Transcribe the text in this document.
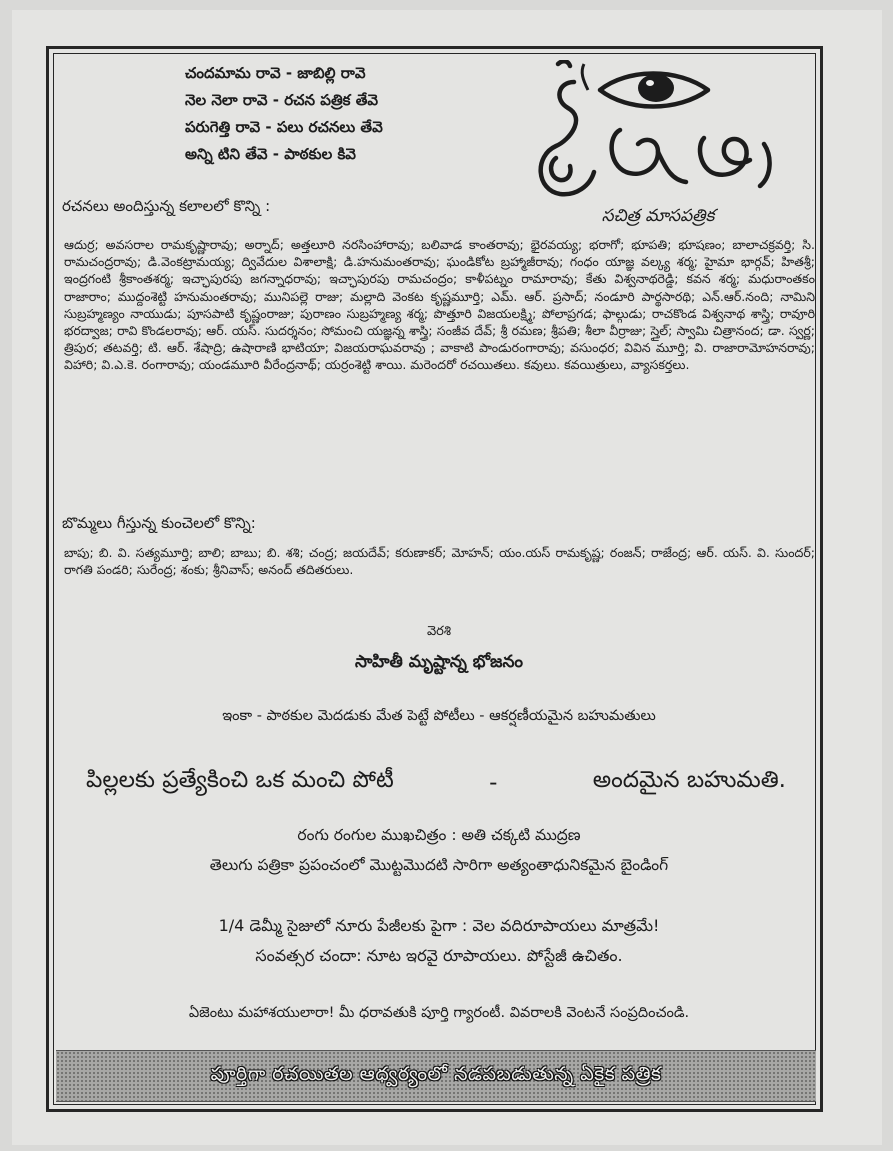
చందమామ రావె - జాబిల్లి రావె
నెల నెలా రావె - రచన పత్రిక తేవె
పరుగెత్తి రావె - పలు రచనలు తేవె
అన్ని టిని తేవె - పాఠకుల కివె
సచిత్ర మాసపత్రిక
రచనలు అందిస్తున్న కలాలలో కొన్ని :
ఆదుర్ర; అవసరాల రామకృష్ణారావు; అర్నాద్; అత్తలూరి నరసింహారావు; బలివాడ కాంతరావు; భైరవయ్య; భరాగో; భూపతి; భూషణం; బాలాచక్రవర్తి; సి. రామచంద్రరావు; డి.వెంకట్రామయ్య; ద్వివేదుల విశాలాక్షి; డి.హనుమంతరావు; ఘండికోట బ్రహ్మాజీరావు; గంధం యాజ్ఞ వల్క్య శర్మ; హైమా భార్గవ్; హితశ్రీ; ఇంద్రగంటి శ్రీకాంతశర్మ; ఇచ్ఛాపురపు జగన్నాధరావు; ఇచ్ఛాపురపు రామచంద్రం; కాళీపట్నం రామారావు; కేతు విశ్వనాథరెడ్డి; కవన శర్మ; మధురాంతకం రాజారాం; ముద్దంశెట్టి హనుమంతరావు; మునిపల్లె రాజు; మల్లాది వెంకట కృష్ణమూర్తి; ఎమ్. ఆర్. ప్రసాద్; నండూరి పార్థసారథి; ఎన్.ఆర్.నంది; నామిని సుబ్రహ్మణ్యం నాయుడు; పూసపాటి కృష్ణంరాజు; పురాణం సుబ్రహ్మణ్య శర్మ; పొత్తూరి విజయలక్ష్మి; పోలాప్రగడ; ఫాల్గుడు; రాచకొండ విశ్వనాథ శాస్త్రి; రావూరి భరద్వాజ; రావి కొండలరావు; ఆర్. యస్. సుదర్శనం; సోమంచి యజ్ఞన్న శాస్త్రి; సంజీవ దేవ్; శ్రీ రమణ; శ్రీపతి; శీలా వీర్రాజు; స్తైల్; స్వామి చిత్రానంద; డా. స్వర్ణ; త్రిపుర; తటవర్తి; టి. ఆర్. శేషాద్రి; ఉషారాణి భాటియా; విజయరాఘవరావు ; వాకాటి పాండురంగారావు; వసుంధర; వివిన మూర్తి; వి. రాజారామోహనరావు; విహారి; వి.ఎ.కె. రంగారావు; యండమూరి వీరేంద్రనాథ్; యర్రంశెట్టి శాయి. మరెందరో రచయితలు. కవులు. కవయిత్రులు, వ్యాసకర్తలు.
బొమ్మలు గీస్తున్న కుంచెలలో కొన్ని:
బాపు; బి. వి. సత్యమూర్తి; బాలి; బాబు; బి. శశి; చంద్ర; జయదేవ్; కరుణాకర్; మోహన్; యం.యస్ రామకృష్ణ; రంజన్; రాజేంద్ర; ఆర్. యస్. వి. సుందర్; రాగతి పండరి; సురేంద్ర; శంకు; శ్రీనివాస్; అనంద్ తదితరులు.
వెరశి
సాహితీ మృష్టాన్న భోజనం
ఇంకా - పాఠకుల మెదడుకు మేత పెట్టే పోటీలు - ఆకర్షణీయమైన బహుమతులు
పిల్లలకు ప్రత్యేకించి ఒక మంచి పోటీ	-	అందమైన బహుమతి.
రంగు రంగుల ముఖచిత్రం : అతి చక్కటి ముద్రణ
తెలుగు పత్రికా ప్రపంచంలో మొట్టమొదటి సారిగా అత్యంతాధునికమైన బైండింగ్
1/4 డెమ్మీ సైజులో నూరు పేజీలకు పైగా : వెల వదిరూపాయలు మాత్రమే!
సంవత్సర చందా: నూట ఇరవై రూపాయలు. పోస్టేజీ ఉచితం.
ఏజెంటు మహాశయులారా! మీ ధరావతుకి పూర్తి గ్యారంటీ. వివరాలకి వెంటనే సంప్రదించండి.
పూర్తిగా రచయితల ఆధ్వర్యంలో నడపబడుతున్న ఏకైక పత్రిక
